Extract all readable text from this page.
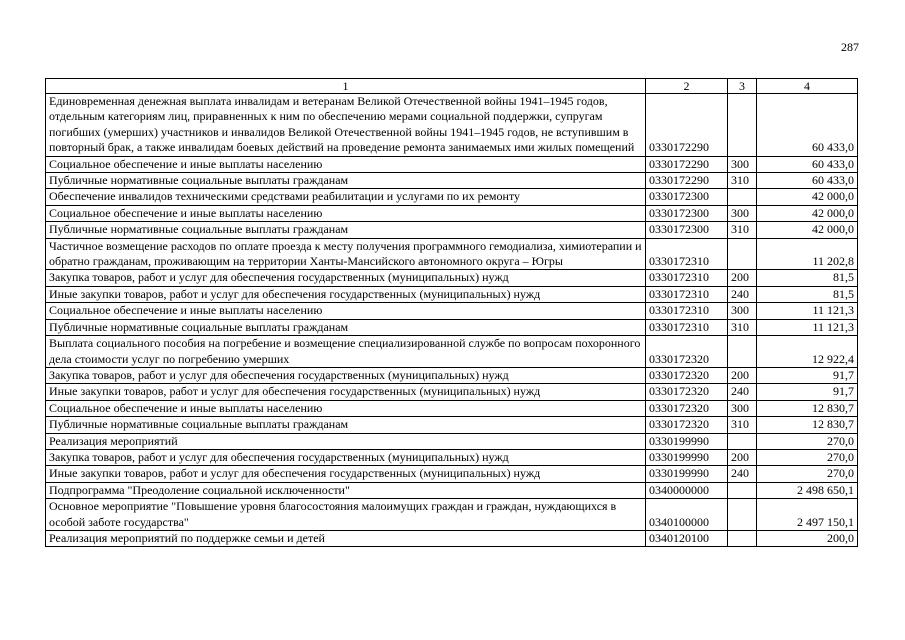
287
1	2	3	4
Единовременная денежная выплата инвалидам и ветеранам Великой Отечественной войны 1941–1945 годов, отдельным категориям лиц, приравненных к ним по обеспечению мерами социальной поддержки, супругам погибших (умерших) участников и инвалидов Великой Отечественной войны 1941–1945 годов, не вступившим в повторный брак, а также инвалидам боевых действий на проведение ремонта занимаемых ими жилых помещений	0330172290		60 433,0
Социальное обеспечение и иные выплаты населению	0330172290	300	60 433,0
Публичные нормативные социальные выплаты гражданам	0330172290	310	60 433,0
Обеспечение инвалидов техническими средствами реабилитации и услугами по их ремонту	0330172300		42 000,0
Социальное обеспечение и иные выплаты населению	0330172300	300	42 000,0
Публичные нормативные социальные выплаты гражданам	0330172300	310	42 000,0
Частичное возмещение расходов по оплате проезда к месту получения программного гемодиализа, химиотерапии и обратно гражданам, проживающим на территории Ханты-Мансийского автономного округа – Югры	0330172310		11 202,8
Закупка товаров, работ и услуг для обеспечения государственных (муниципальных) нужд	0330172310	200	81,5
Иные закупки товаров, работ и услуг для обеспечения государственных (муниципальных) нужд	0330172310	240	81,5
Социальное обеспечение и иные выплаты населению	0330172310	300	11 121,3
Публичные нормативные социальные выплаты гражданам	0330172310	310	11 121,3
Выплата социального пособия на погребение и возмещение специализированной службе по вопросам похоронного дела стоимости услуг по погребению умерших	0330172320		12 922,4
Закупка товаров, работ и услуг для обеспечения государственных (муниципальных) нужд	0330172320	200	91,7
Иные закупки товаров, работ и услуг для обеспечения государственных (муниципальных) нужд	0330172320	240	91,7
Социальное обеспечение и иные выплаты населению	0330172320	300	12 830,7
Публичные нормативные социальные выплаты гражданам	0330172320	310	12 830,7
Реализация мероприятий	0330199990		270,0
Закупка товаров, работ и услуг для обеспечения государственных (муниципальных) нужд	0330199990	200	270,0
Иные закупки товаров, работ и услуг для обеспечения государственных (муниципальных) нужд	0330199990	240	270,0
Подпрограмма "Преодоление социальной исключенности"	0340000000		2 498 650,1
Основное мероприятие "Повышение уровня благосостояния малоимущих граждан и граждан, нуждающихся в особой заботе государства"	0340100000		2 497 150,1
Реализация мероприятий по поддержке семьи и детей	0340120100		200,0
